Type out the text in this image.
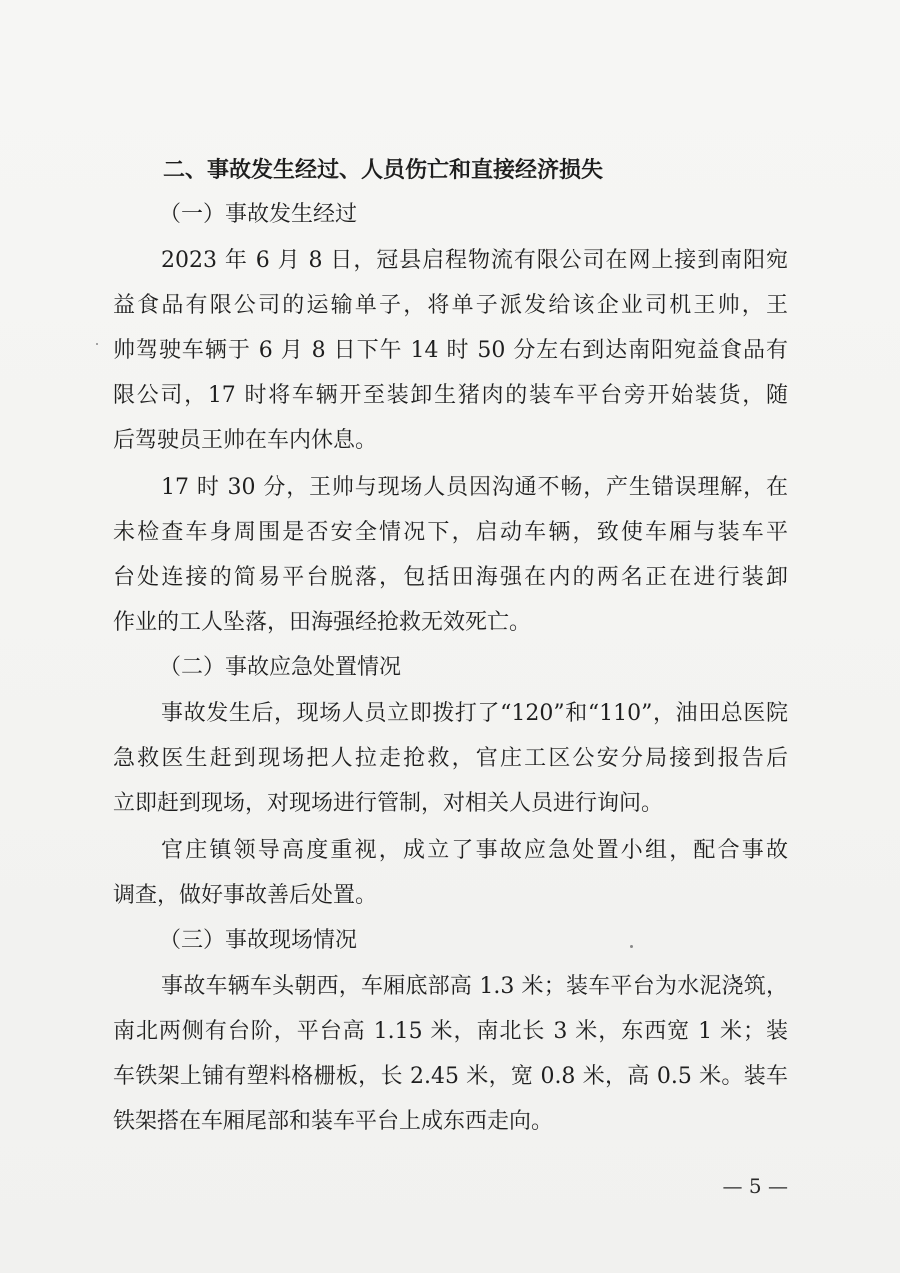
二、事故发生经过、人员伤亡和直接经济损失
（一）事故发生经过
2023 年 6 月 8 日，冠县启程物流有限公司在网上接到南阳宛
益食品有限公司的运输单子，将单子派发给该企业司机王帅，王
帅驾驶车辆于 6 月 8 日下午 14 时 50 分左右到达南阳宛益食品有
限公司，17 时将车辆开至装卸生猪肉的装车平台旁开始装货，随
后驾驶员王帅在车内休息。
17 时 30 分，王帅与现场人员因沟通不畅，产生错误理解，在
未检查车身周围是否安全情况下，启动车辆，致使车厢与装车平
台处连接的简易平台脱落，包括田海强在内的两名正在进行装卸
作业的工人坠落，田海强经抢救无效死亡。
（二）事故应急处置情况
事故发生后，现场人员立即拨打了“120”和“110”，油田总医院
急救医生赶到现场把人拉走抢救，官庄工区公安分局接到报告后
立即赶到现场，对现场进行管制，对相关人员进行询问。
官庄镇领导高度重视，成立了事故应急处置小组，配合事故
调查，做好事故善后处置。
（三）事故现场情况
事故车辆车头朝西，车厢底部高 1.3 米；装车平台为水泥浇筑，
南北两侧有台阶，平台高 1.15 米，南北长 3 米，东西宽 1 米；装
车铁架上铺有塑料格栅板，长 2.45 米，宽 0.8 米，高 0.5 米。装车
铁架搭在车厢尾部和装车平台上成东西走向。
— 5 —
